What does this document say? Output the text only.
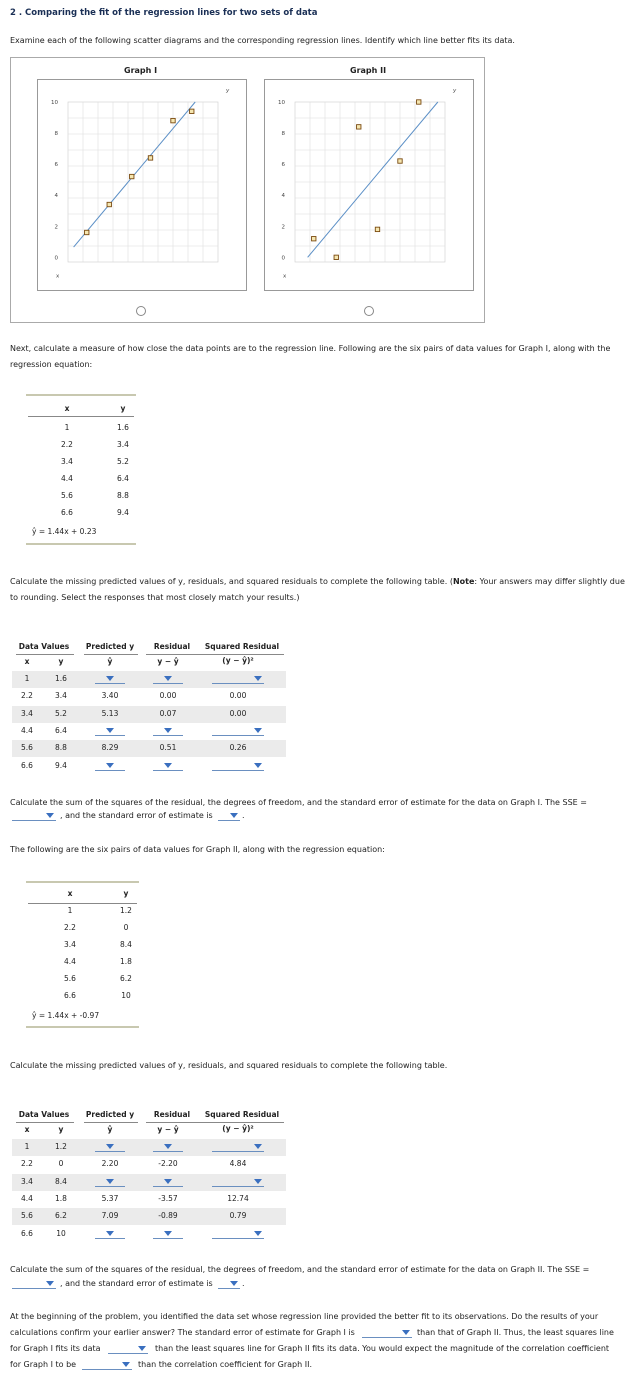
2 . Comparing the fit of the regression lines for two sets of data
Examine each of the following scatter diagrams and the corresponding regression lines. Identify which line better fits its data.
Graph I	Graph II
10
8
6
4
2
0
x
y
10
8
6
4
2
0
x
y
Next, calculate a measure of how close the data points are to the regression line. Following are the six pairs of data values for Graph I, along with the regression equation:
x	y
1	1.6
2.2	3.4
3.4	5.2
4.4	6.4
5.6	8.8
6.6	9.4
ŷ = 1.44x + 0.23
Calculate the missing predicted values of y, residuals, and squared residuals to complete the following table. (Note: Your answers may differ slightly due to rounding. Select the responses that most closely match your results.)
Data Values	Predicted y	Residual	Squared Residual
x	y	ŷ	y − ŷ	(y − ŷ)²
1	1.6
2.2	3.4	3.40	0.00	0.00
3.4	5.2	5.13	0.07	0.00
4.4	6.4
5.6	8.8	8.29	0.51	0.26
6.6	9.4
Calculate the sum of the squares of the residual, the degrees of freedom, and the standard error of estimate for the data on Graph I. The SSE =
, and the standard error of estimate is	.
The following are the six pairs of data values for Graph II, along with the regression equation:
x	y
1	1.2
2.2	0
3.4	8.4
4.4	1.8
5.6	6.2
6.6	10
ŷ = 1.44x + -0.97
Calculate the missing predicted values of y, residuals, and squared residuals to complete the following table.
Data Values	Predicted y	Residual	Squared Residual
x	y	ŷ	y − ŷ	(y − ŷ)²
1	1.2
2.2	0	2.20	-2.20	4.84
3.4	8.4
4.4	1.8	5.37	-3.57	12.74
5.6	6.2	7.09	-0.89	0.79
6.6	10
Calculate the sum of the squares of the residual, the degrees of freedom, and the standard error of estimate for the data on Graph II. The SSE =
, and the standard error of estimate is	.
At the beginning of the problem, you identified the data set whose regression line provided the better fit to its observations. Do the results of your
calculations confirm your earlier answer? The standard error of estimate for Graph I is	than that of Graph II. Thus, the least squares line
for Graph I fits its data	than the least squares line for Graph II fits its data. You would expect the magnitude of the correlation coefficient
for Graph I to be	than the correlation coefficient for Graph II.
